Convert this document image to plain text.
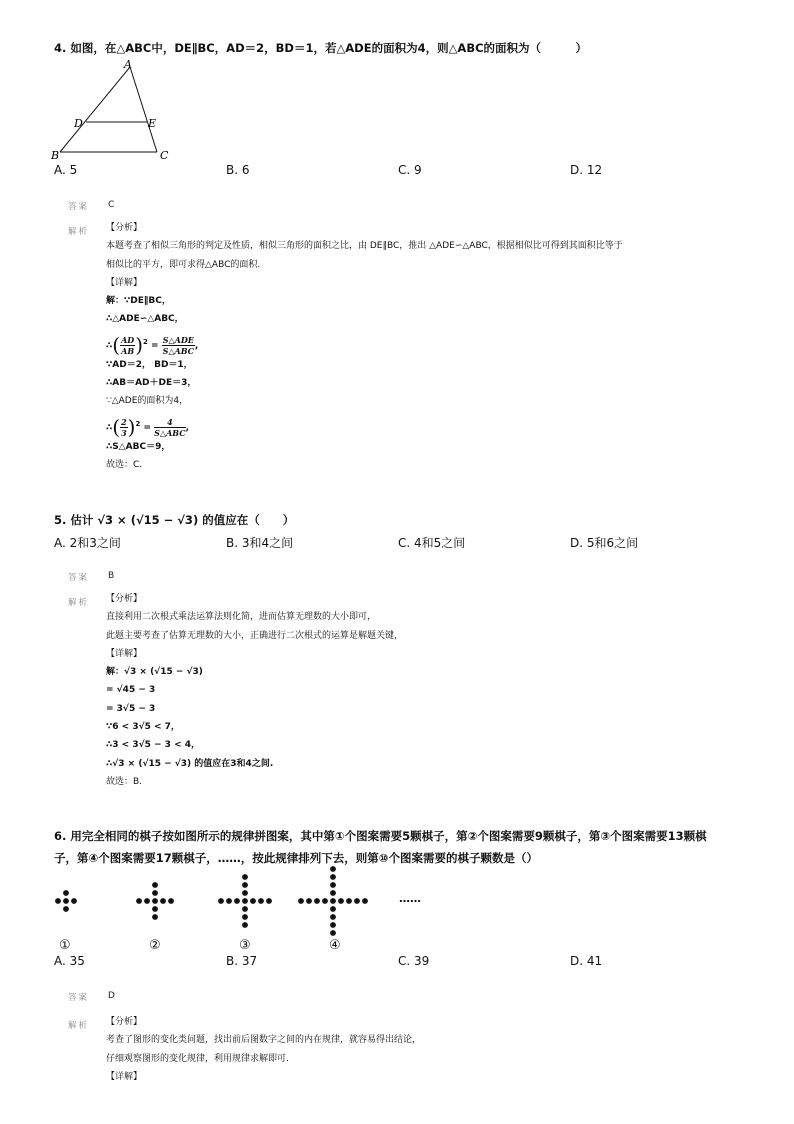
4. 如图，在△ABC中，DE∥BC，AD＝2，BD＝1，若△ADE的面积为4，则△ABC的面积为（　　　）
A
B	C
D	E
A. 5	B. 6	C. 9	D. 12
答案 C
解析 【分析】
本题考查了相似三角形的判定及性质，相似三角形的面积之比，由 DE∥BC，推出 △ADE∽△ABC，根据相似比可得到其面积比等于
相似比的平方，即可求得△ABC的面积.
【详解】
解：∵DE∥BC，
∴△ADE∽△ABC，
∴( $\frac{AD}{AB} )^2 = \frac{\text{S△ADE}}{\text{S△ABC}}$ ,
∵AD＝2， BD＝1，
∴AB＝AD＋DE＝3，
∵△ADE的面积为4，
∴( $\frac{2}{3} )^2 = \frac{4}{\text{S△ABC}}$ ,
∴S△ABC＝9，
故选：C.
5. 估计 √3 × (√15 − √3) 的值应在（　　）
A. 2和3之间	B. 3和4之间	C. 4和5之间	D. 5和6之间
答案 B
解析 【分析】
直接利用二次根式乘法运算法则化简，进而估算无理数的大小即可，
此题主要考查了估算无理数的大小，正确进行二次根式的运算是解题关键，
【详解】
解：√3 × (√15 − √3)
= √45 − 3
= 3√5 − 3
∵6 < 3√5 < 7，
∴3 < 3√5 − 3 < 4，
∴√3 × (√15 − √3) 的值应在3和4之间.
故选：B.
6. 用完全相同的棋子按如图所示的规律拼图案，其中第①个图案需要5颗棋子，第②个图案需要9颗棋子，第③个图案需要13颗棋
子，第④个图案需要17颗棋子，……，按此规律排列下去，则第⑩个图案需要的棋子颗数是（）
……
①	②	③	④
A. 35	B. 37	C. 39	D. 41
答案 D
解析 【分析】
考查了图形的变化类问题，找出前后图数字之间的内在规律，就容易得出结论，
仔细观察图形的变化规律，利用规律求解即可.
【详解】
